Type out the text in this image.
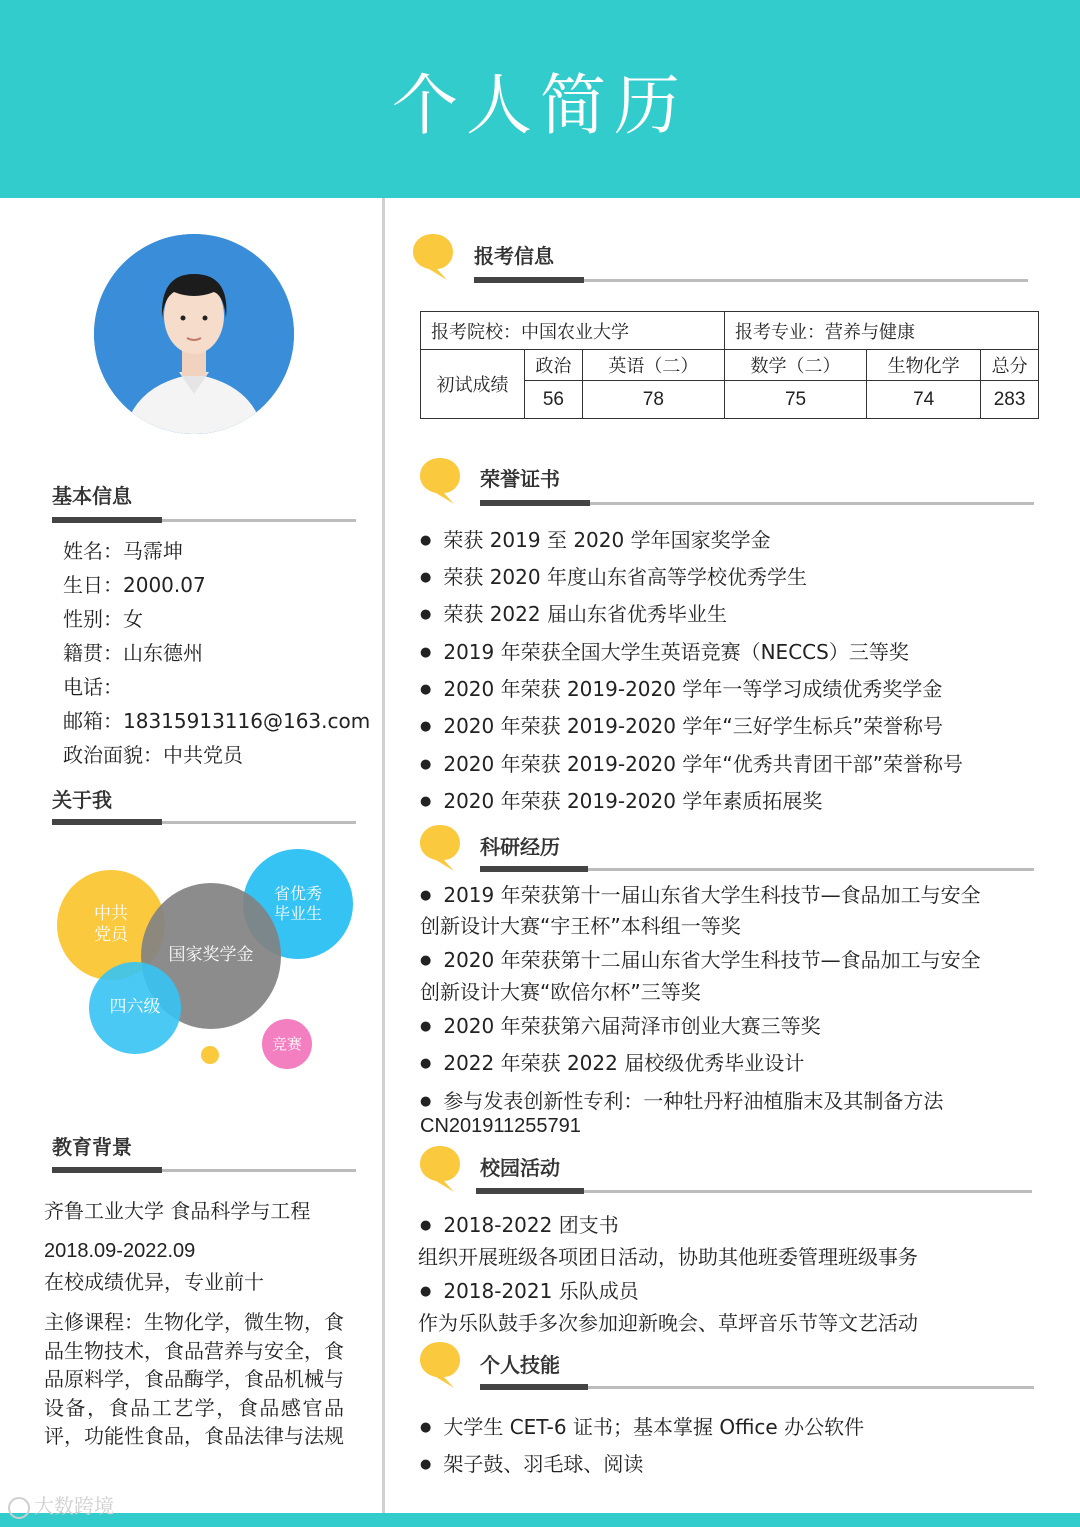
个人简历
基本信息
姓名：马霈坤
生日：2000.07
性别：女
籍贯：山东德州
电话：
邮箱：18315913116@163.com
政治面貌：中共党员
关于我
中共党员
省优秀毕业生
国家奖学金
四六级
竞赛
教育背景
齐鲁工业大学 食品科学与工程
2018.09-2022.09
在校成绩优异，专业前十
主修课程：生物化学，微生物，食品生物技术，食品营养与安全，食品原料学，食品酶学，食品机械与设备，食品工艺学，食品感官品评，功能性食品，食品法律与法规
报考信息
报考院校：中国农业大学			报考专业：营养与健康		
初试成绩	政治	英语（二）	数学（二）	生物化学	总分
	56	78	75	74	283
荣誉证书
● 荣获 2019 至 2020 学年国家奖学金
● 荣获 2020 年度山东省高等学校优秀学生
● 荣获 2022 届山东省优秀毕业生
● 2019 年荣获全国大学生英语竞赛（NECCS）三等奖
● 2020 年荣获 2019-2020 学年一等学习成绩优秀奖学金
● 2020 年荣获 2019-2020 学年“三好学生标兵”荣誉称号
● 2020 年荣获 2019-2020 学年“优秀共青团干部”荣誉称号
● 2020 年荣获 2019-2020 学年素质拓展奖
科研经历
● 2019 年荣获第十一届山东省大学生科技节—食品加工与安全
创新设计大赛“宇王杯”本科组一等奖
● 2020 年荣获第十二届山东省大学生科技节—食品加工与安全
创新设计大赛“欧倍尔杯”三等奖
● 2020 年荣获第六届菏泽市创业大赛三等奖
● 2022 年荣获 2022 届校级优秀毕业设计
● 参与发表创新性专利：一种牡丹籽油植脂末及其制备方法
CN201911255791
校园活动
● 2018-2022 团支书
组织开展班级各项团日活动，协助其他班委管理班级事务
● 2018-2021 乐队成员
作为乐队鼓手多次参加迎新晚会、草坪音乐节等文艺活动
个人技能
● 大学生 CET-6 证书；基本掌握 Office 办公软件
● 架子鼓、羽毛球、阅读
大数跨境
